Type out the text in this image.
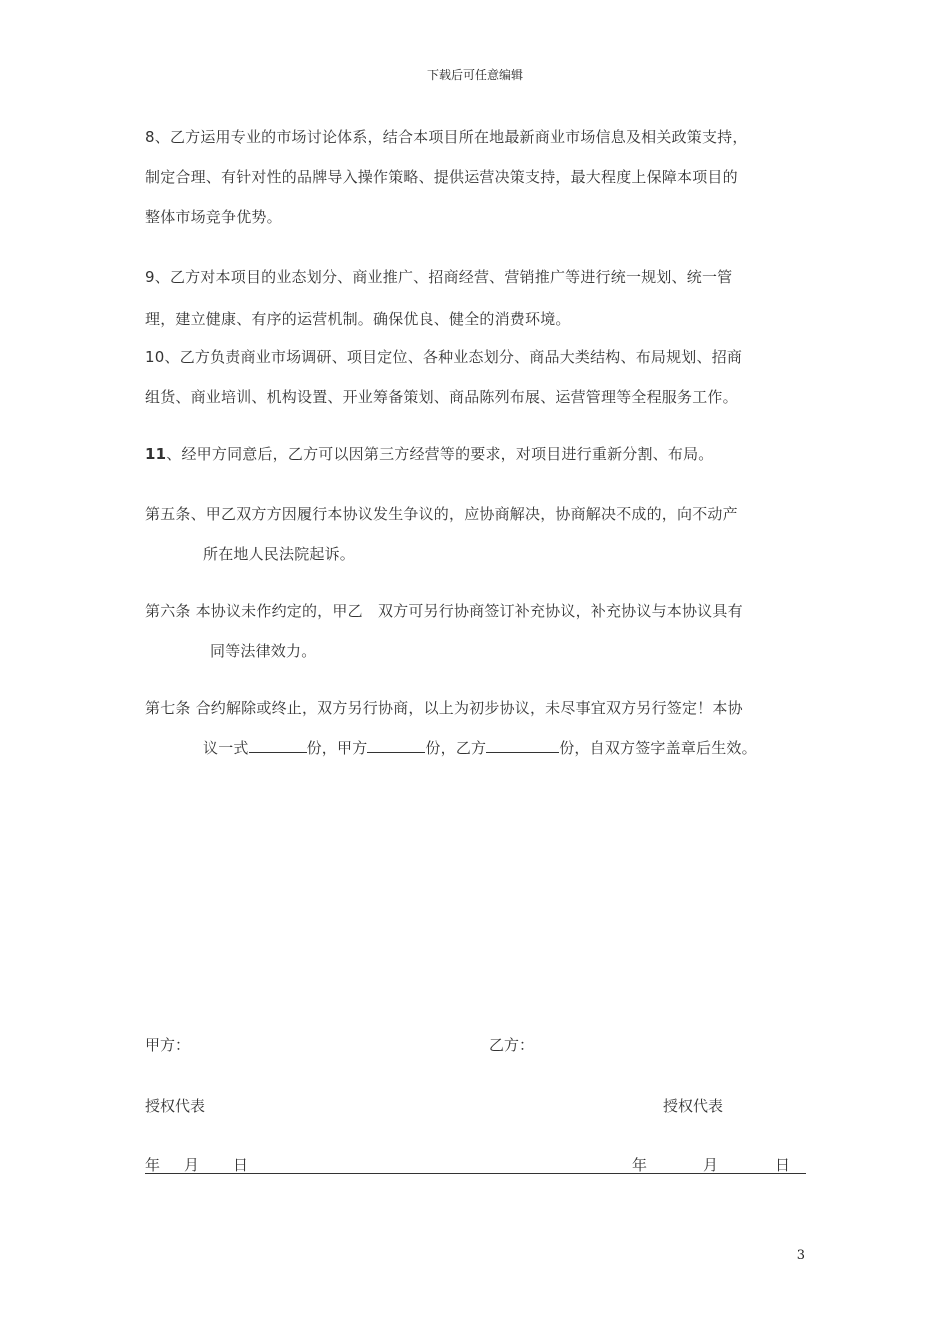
下载后可任意编辑
8、乙方运用专业的市场讨论体系，结合本项目所在地最新商业市场信息及相关政策支持，
制定合理、有针对性的品牌导入操作策略、提供运营决策支持，最大程度上保障本项目的
整体市场竞争优势。
9、乙方对本项目的业态划分、商业推广、招商经营、营销推广等进行统一规划、统一管
理，建立健康、有序的运营机制。确保优良、健全的消费环境。
10、乙方负责商业市场调研、项目定位、各种业态划分、商品大类结构、布局规划、招商
组货、商业培训、机构设置、开业筹备策划、商品陈列布展、运营管理等全程服务工作。
11、经甲方同意后，乙方可以因第三方经营等的要求，对项目进行重新分割、布局。
第五条、甲乙双方方因履行本协议发生争议的，应协商解决，协商解决不成的，向不动产
所在地人民法院起诉。
第六条 本协议未作约定的，甲乙　双方可另行协商签订补充协议，补充协议与本协议具有
同等法律效力。
第七条 合约解除或终止，双方另行协商，以上为初步协议，未尽事宜双方另行签定！本协
议一式	份，甲方	份，乙方	份，自双方签字盖章后生效。
甲方：	乙方：
授权代表	授权代表
年 月 日	年	月	日
3
